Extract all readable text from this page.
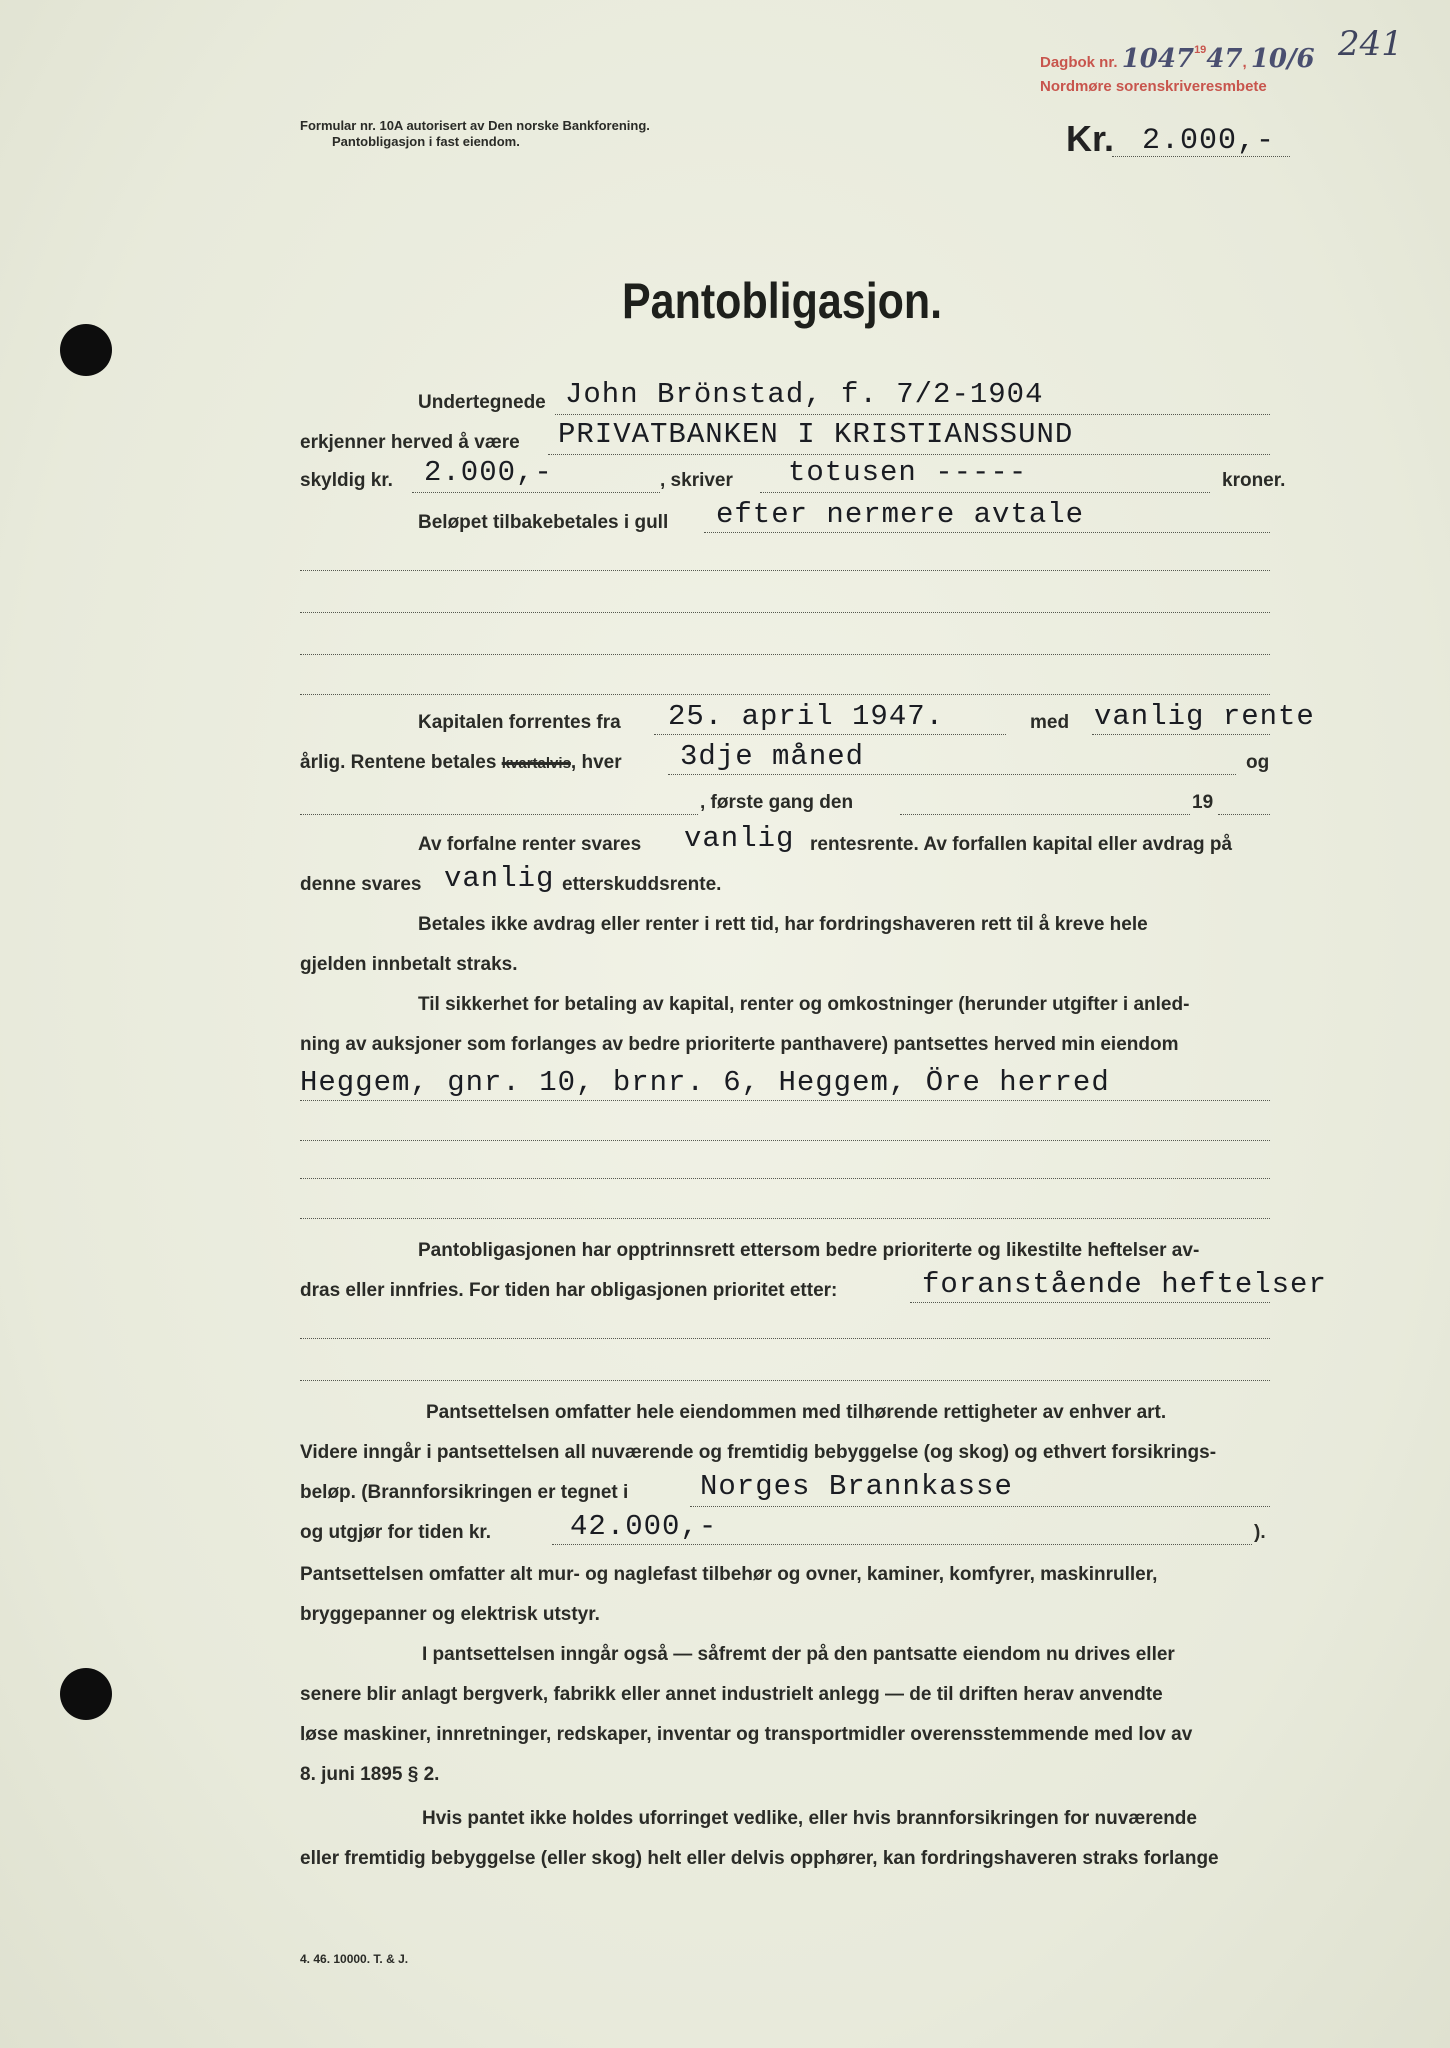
Dagbok nr. 1047$^{19}$47, 10/6 241
Nordmøre sorenskriveresmbete
Formular nr. 10A autorisert av Den norske Bankforening.
Pantobligasjon i fast eiendom.	Kr. 2.000,-
Pantobligasjon.
Undertegnede John Brönstad, f. 7/2-1904
erkjenner herved å være PRIVATBANKEN I KRISTIANSSUND
skyldig kr. 2.000,-	, skriver totusen -----	kroner.
Beløpet tilbakebetales i gull efter nermere avtale
Kapitalen forrentes fra 25. april 1947.	med vanlig rente
årlig. Rentene betales kvartalvis, hver 3dje måned	og
, første gang den	19
Av forfalne renter svares vanlig rentesrente. Av forfallen kapital eller avdrag på
denne svares vanlig etterskuddsrente.
Betales ikke avdrag eller renter i rett tid, har fordringshaveren rett til å kreve hele
gjelden innbetalt straks.
Til sikkerhet for betaling av kapital, renter og omkostninger (herunder utgifter i anled-
ning av auksjoner som forlanges av bedre prioriterte panthavere) pantsettes herved min eiendom
Heggem, gnr. 10, brnr. 6, Heggem, Öre herred
Pantobligasjonen har opptrinnsrett ettersom bedre prioriterte og likestilte heftelser av-
dras eller innfries. For tiden har obligasjonen prioritet etter:	foranstående heftelser
Pantsettelsen omfatter hele eiendommen med tilhørende rettigheter av enhver art.
Videre inngår i pantsettelsen all nuværende og fremtidig bebyggelse (og skog) og ethvert forsikrings-
beløp. (Brannforsikringen er tegnet i Norges Brannkasse
og utgjør for tiden kr.	42.000,-	).
Pantsettelsen omfatter alt mur- og naglefast tilbehør og ovner, kaminer, komfyrer, maskinruller,
bryggepanner og elektrisk utstyr.
I pantsettelsen inngår også — såfremt der på den pantsatte eiendom nu drives eller
senere blir anlagt bergverk, fabrikk eller annet industrielt anlegg — de til driften herav anvendte
løse maskiner, innretninger, redskaper, inventar og transportmidler overensstemmende med lov av
8. juni 1895 § 2.
Hvis pantet ikke holdes uforringet vedlike, eller hvis brannforsikringen for nuværende
eller fremtidig bebyggelse (eller skog) helt eller delvis opphører, kan fordringshaveren straks forlange
4. 46. 10000. T. & J.
